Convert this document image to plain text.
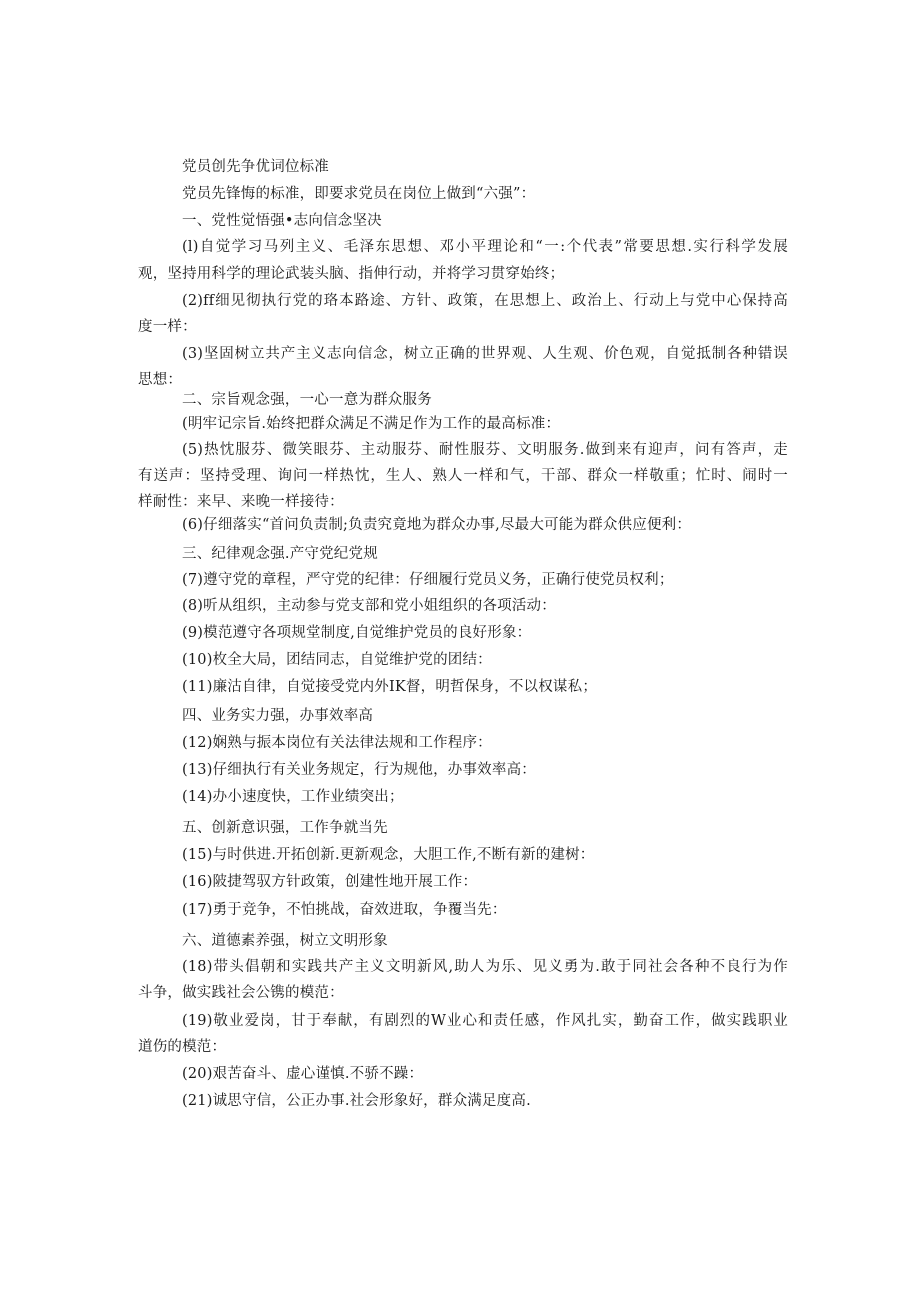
党员创先争优词位标准
党员先锋悔的标准，即要求党员在岗位上做到“六强”：
一、党性觉悟强•志向信念坚决
(l)自觉学习马列主义、毛泽东思想、邓小平理论和“一:个代表”常要思想.实行科学发展
观，坚持用科学的理论武装头脑、指伸行动，并将学习贯穿始终；
(2)ff细见彻执行党的珞本路途、方针、政策，在思想上、政治上、行动上与党中心保持高
度一样：
(3)坚固树立共产主义志向信念，树立正确的世界观、人生观、价色观，自觉抵制各种错误
思想：
二、宗旨观念强，一心一意为群众服务
(明牢记宗旨.始终把群众满足不满足作为工作的最高标准：
(5)热忱服芬、微笑眼芬、主动服芬、耐性服芬、文明服务.做到来有迎声，问有答声，走
有送声：坚持受理、询问一样热忱，生人、熟人一样和气，干部、群众一样敬重；忙时、闹时一
样耐性：来早、来晚一样接待：
(6)仔细落实“首问负责制;负责究竟地为群众办事,尽最大可能为群众供应便利：
三、纪律观念强.产守党纪党规
(7)遵守党的章程，严守党的纪律：仔细履行党员义务，正确行使党员权利；
(8)听从组织，主动参与党支部和党小姐组织的各项活动：
(9)模范遵守各项规堂制度,自觉维护党员的良好形象：
(10)枚全大局，团结同志，自觉维护党的团结：
(11)廉沽自律，自觉接受党内外IK督，明哲保身，不以权谋私；
四、业务实力强，办事效率高
(12)娴熟与振本岗位有关法律法规和工作程序：
(13)仔细执行有关业务规定，行为规他，办事效率高：
(14)办小速度快，工作业绩突出；
五、创新意识强，工作争就当先
(15)与时供进.开拓创新.更新观念，大胆工作,不断有新的建树：
(16)陂捷驾驭方针政策，创建性地开展工作：
(17)勇于竞争，不怕挑战，奋效进取，争覆当先：
六、道德素养强，树立文明形象
(18)带头倡朝和实践共产主义文明新风,助人为乐、见义勇为.敢于同社会各种不良行为作
斗争，做实践社会公镌的模范：
(19)敬业爱岗，甘于奉献，有剧烈的W业心和责任感，作风扎实，勤奋工作，做实践职业
道伤的模范：
(20)艰苦奋斗、虚心谨慎.不骄不躁：
(21)诚思守信，公正办事.社会形象好，群众满足度高.
